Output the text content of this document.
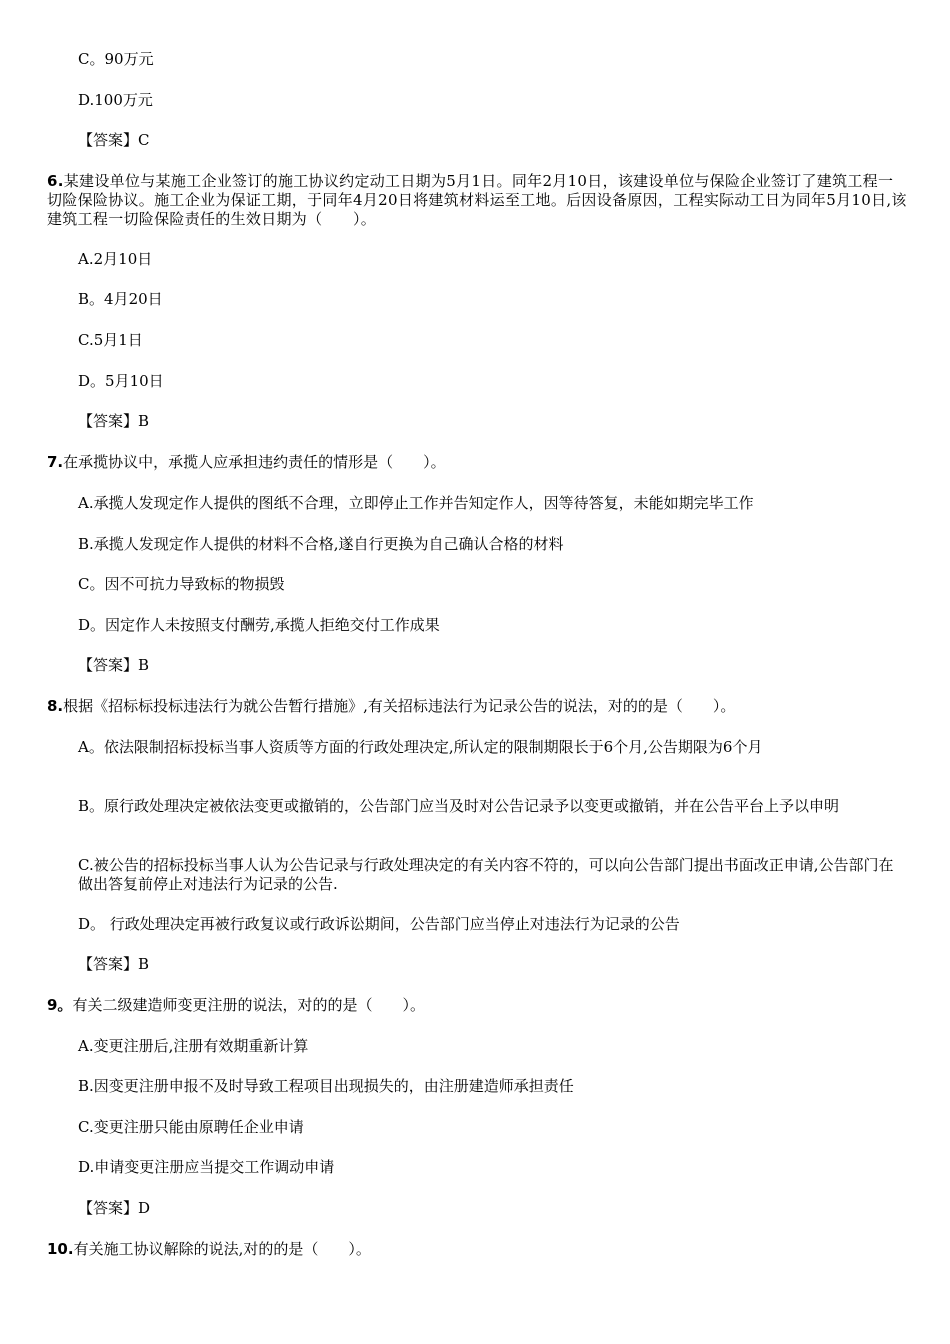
C。90万元
D.100万元
【答案】C
6.某建设单位与某施工企业签订的施工协议约定动工日期为5月1日。同年2月10日，该建设单位与保险企业签订了建筑工程一切险保险协议。施工企业为保证工期，于同年4月20日将建筑材料运至工地。后因设备原因，工程实际动工日为同年5月10日,该建筑工程一切险保险责任的生效日期为（　　）。
A.2月10日
B。4月20日
C.5月1日
D。5月10日
【答案】B
7.在承揽协议中，承揽人应承担违约责任的情形是（　　）。
A.承揽人发现定作人提供的图纸不合理，立即停止工作并告知定作人，因等待答复，未能如期完毕工作
B.承揽人发现定作人提供的材料不合格,遂自行更换为自己确认合格的材料
C。因不可抗力导致标的物损毁
D。因定作人未按照支付酬劳,承揽人拒绝交付工作成果
【答案】B
8.根据《招标标投标违法行为就公告暂行措施》,有关招标违法行为记录公告的说法，对的的是（　　）。
A。依法限制招标投标当事人资质等方面的行政处理决定,所认定的限制期限长于6个月,公告期限为6个月
B。原行政处理决定被依法变更或撤销的，公告部门应当及时对公告记录予以变更或撤销，并在公告平台上予以申明
C.被公告的招标投标当事人认为公告记录与行政处理决定的有关内容不符的，可以向公告部门提出书面改正申请,公告部门在做出答复前停止对违法行为记录的公告.
D。 行政处理决定再被行政复议或行政诉讼期间，公告部门应当停止对违法行为记录的公告
【答案】B
9。有关二级建造师变更注册的说法，对的的是（　　）。
A.变更注册后,注册有效期重新计算
B.因变更注册申报不及时导致工程项目出现损失的，由注册建造师承担责任
C.变更注册只能由原聘任企业申请
D.申请变更注册应当提交工作调动申请
【答案】D
10.有关施工协议解除的说法,对的的是（　　）。
